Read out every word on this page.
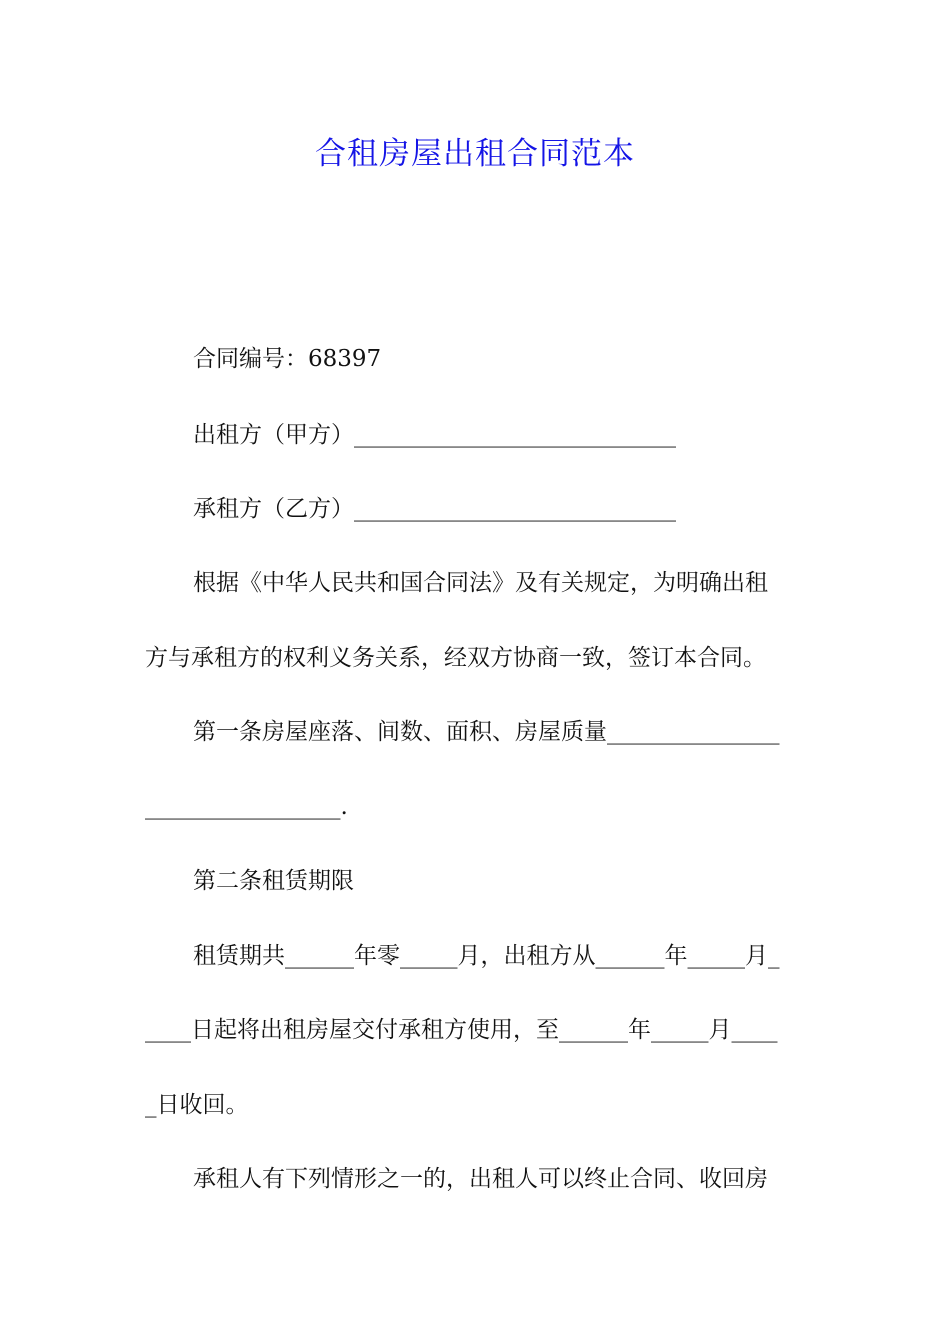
合租房屋出租合同范本
合同编号：68397
出租方（甲方）____________________________
承租方（乙方）____________________________
根据《中华人民共和国合同法》及有关规定，为明确出租
方与承租方的权利义务关系，经双方协商一致，签订本合同。
第一条房屋座落、间数、面积、房屋质量_______________
_________________.
第二条租赁期限
租赁期共______年零_____月，出租方从______年_____月_
____日起将出租房屋交付承租方使用，至______年_____月____
_日收回。
承租人有下列情形之一的，出租人可以终止合同、收回房
